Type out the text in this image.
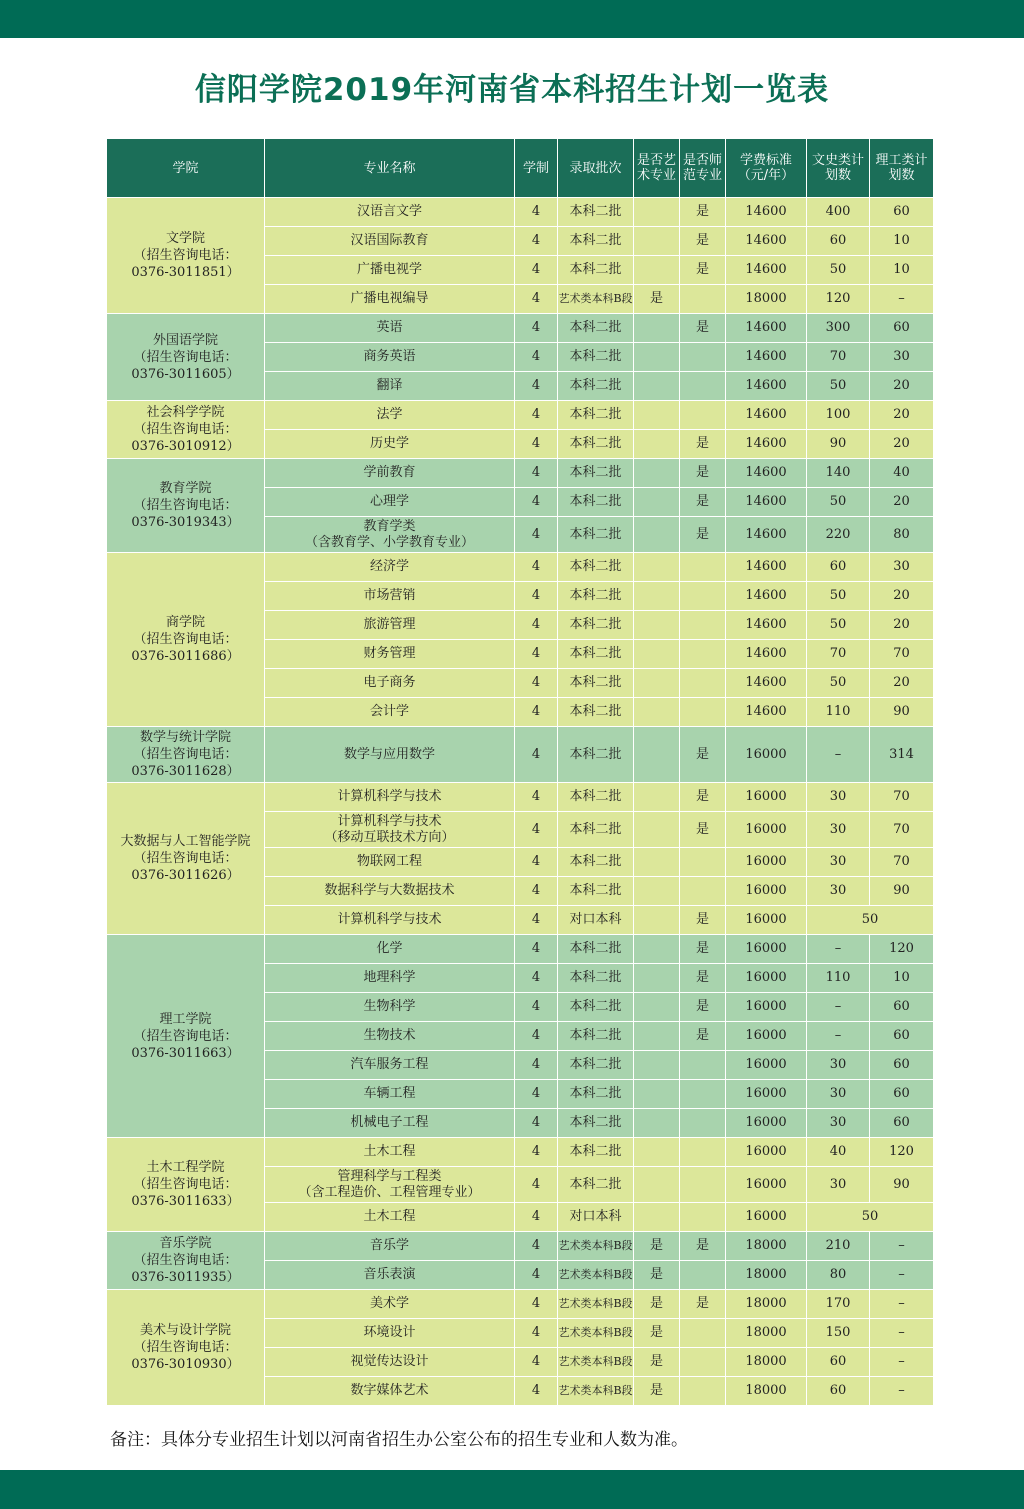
信阳学院2019年河南省本科招生计划一览表
学院	专业名称	学制	录取批次	是否艺术专业	是否师范专业	学费标准（元/年）	文史类计划数	理工类计划数

文学院
（招生咨询电话：
0376-3011851）	汉语言文学	4	本科二批		是	14600	400	60

	汉语国际教育	4	本科二批		是	14600	60	10

	广播电视学	4	本科二批		是	14600	50	10

	广播电视编导	4	艺术类本科B段	是		18000	120	–

外国语学院
（招生咨询电话：
0376-3011605）	英语	4	本科二批		是	14600	300	60

	商务英语	4	本科二批			14600	70	30

	翻译	4	本科二批			14600	50	20

社会科学学院
（招生咨询电话：
0376-3010912）	法学	4	本科二批			14600	100	20

	历史学	4	本科二批		是	14600	90	20

教育学院
（招生咨询电话：
0376-3019343）	学前教育	4	本科二批		是	14600	140	40

	心理学	4	本科二批		是	14600	50	20

	教育学类
（含教育学、小学教育专业）	4	本科二批		是	14600	220	80

商学院
（招生咨询电话：
0376-3011686）	经济学	4	本科二批			14600	60	30

	市场营销	4	本科二批			14600	50	20

	旅游管理	4	本科二批			14600	50	20

	财务管理	4	本科二批			14600	70	70

	电子商务	4	本科二批			14600	50	20

	会计学	4	本科二批			14600	110	90

数学与统计学院
（招生咨询电话：
0376-3011628）	数学与应用数学	4	本科二批		是	16000	–	314

大数据与人工智能学院
（招生咨询电话：
0376-3011626）	计算机科学与技术	4	本科二批		是	16000	30	70

	计算机科学与技术
（移动互联技术方向）	4	本科二批		是	16000	30	70

	物联网工程	4	本科二批			16000	30	70

	数据科学与大数据技术	4	本科二批			16000	30	90

	计算机科学与技术	4	对口本科		是	16000	50	

理工学院
（招生咨询电话：
0376-3011663）	化学	4	本科二批		是	16000	–	120

	地理科学	4	本科二批		是	16000	110	10

	生物科学	4	本科二批		是	16000	–	60

	生物技术	4	本科二批		是	16000	–	60

	汽车服务工程	4	本科二批			16000	30	60

	车辆工程	4	本科二批			16000	30	60

	机械电子工程	4	本科二批			16000	30	60

土木工程学院
（招生咨询电话：
0376-3011633）	土木工程	4	本科二批			16000	40	120

	管理科学与工程类
（含工程造价、工程管理专业）	4	本科二批			16000	30	90

	土木工程	4	对口本科			16000	50	

音乐学院
（招生咨询电话：
0376-3011935）	音乐学	4	艺术类本科B段	是	是	18000	210	–

	音乐表演	4	艺术类本科B段	是		18000	80	–

美术与设计学院
（招生咨询电话：
0376-3010930）	美术学	4	艺术类本科B段	是	是	18000	170	–

	环境设计	4	艺术类本科B段	是		18000	150	–

	视觉传达设计	4	艺术类本科B段	是		18000	60	–

	数字媒体艺术	4	艺术类本科B段	是		18000	60	–
备注：具体分专业招生计划以河南省招生办公室公布的招生专业和人数为准。
